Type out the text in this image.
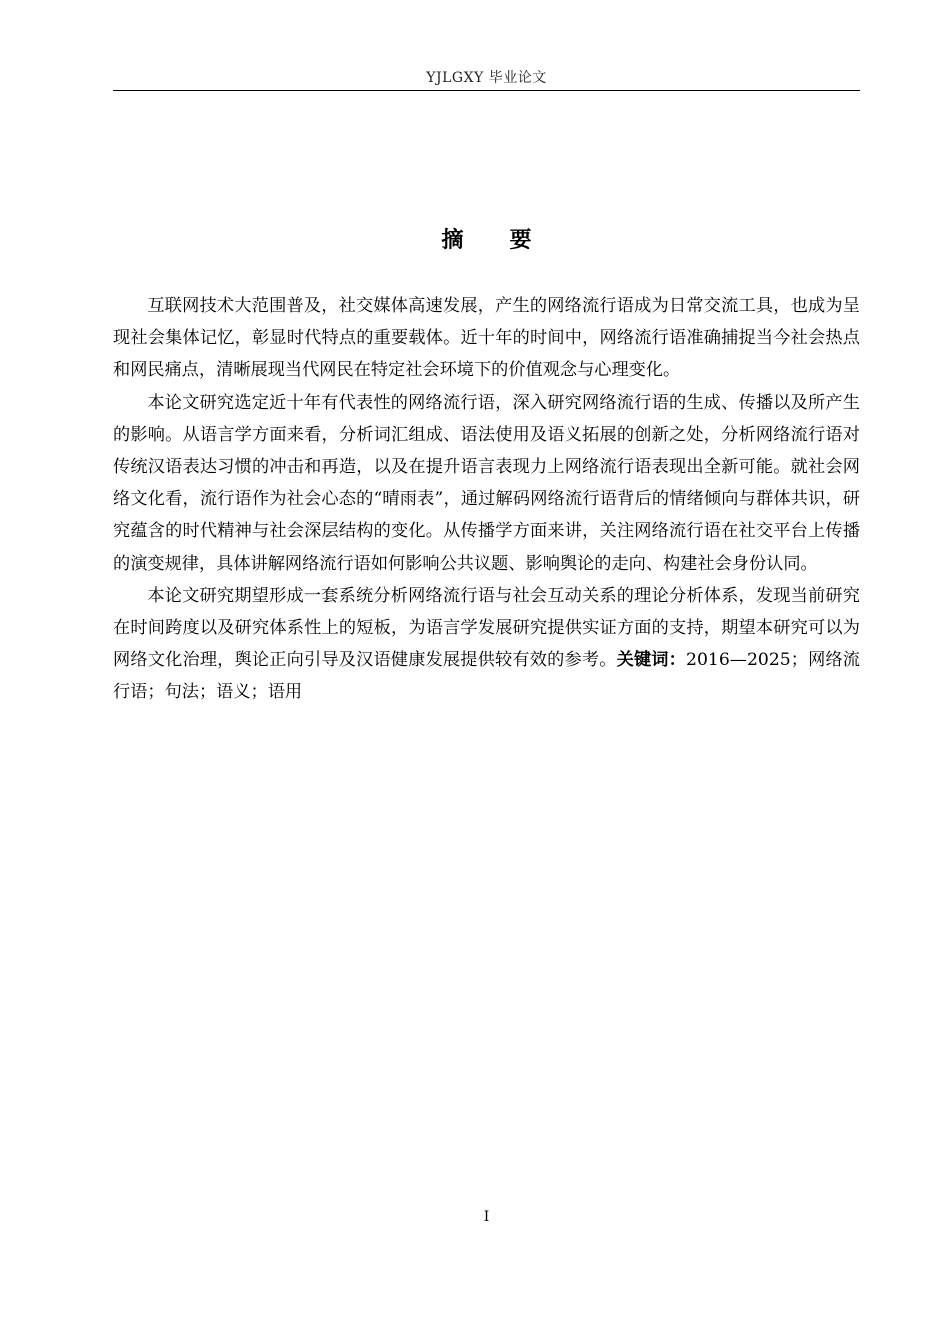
YJLGXY 毕业论文
摘 要

互联网技术大范围普及，社交媒体高速发展，产生的网络流行语成为日常交流工具，也成为呈现社会集体记忆，彰显时代特点的重要载体。近十年的时间中，网络流行语准确捕捉当今社会热点和网民痛点，清晰展现当代网民在特定社会环境下的价值观念与心理变化。

本论文研究选定近十年有代表性的网络流行语，深入研究网络流行语的生成、传播以及所产生的影响。从语言学方面来看，分析词汇组成、语法使用及语义拓展的创新之处，分析网络流行语对传统汉语表达习惯的冲击和再造，以及在提升语言表现力上网络流行语表现出全新可能。就社会网络文化看，流行语作为社会心态的“晴雨表”，通过解码网络流行语背后的情绪倾向与群体共识，研究蕴含的时代精神与社会深层结构的变化。从传播学方面来讲，关注网络流行语在社交平台上传播的演变规律，具体讲解网络流行语如何影响公共议题、影响舆论的走向、构建社会身份认同。

本论文研究期望形成一套系统分析网络流行语与社会互动关系的理论分析体系，发现当前研究在时间跨度以及研究体系性上的短板，为语言学发展研究提供实证方面的支持，期望本研究可以为网络文化治理，舆论正向引导及汉语健康发展提供较有效的参考。关键词：2016—2025；网络流行语；句法；语义；语用

I
